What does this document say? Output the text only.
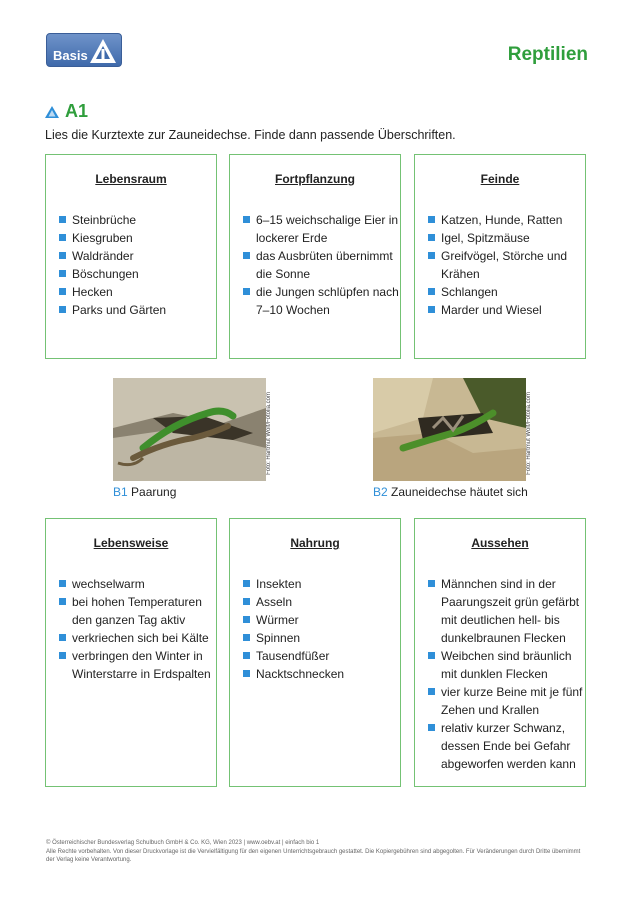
Basis	Reptilien
A1
Lies die Kurztexte zur Zauneidechse. Finde dann passende Überschriften.
Lebensraum
Steinbrüche
Kiesgruben
Waldränder
Böschungen
Hecken
Parks und Gärten
Fortpflanzung
6–15 weichschalige Eier in lockerer Erde
das Ausbrüten übernimmt die Sonne
die Jungen schlüpfen nach 7–10 Wochen
Feinde
Katzen, Hunde, Ratten
Igel, Spitzmäuse
Greifvögel, Störche und Krähen
Schlangen
Marder und Wiesel
Foto: Hartmut Wolf/Fotolia.com
B1 Paarung
Foto: Hartmut Wolf/Fotolia.com
B2 Zauneidechse häutet sich
Lebensweise
wechselwarm
bei hohen Temperaturen den ganzen Tag aktiv
verkriechen sich bei Kälte
verbringen den Winter in Winterstarre in Erdspalten
Nahrung
Insekten
Asseln
Würmer
Spinnen
Tausendfüßer
Nacktschnecken
Aussehen
Männchen sind in der Paarungszeit grün gefärbt mit deutlichen hell- bis dunkelbraunen Flecken
Weibchen sind bräunlich mit dunklen Flecken
vier kurze Beine mit je fünf Zehen und Krallen
relativ kurzer Schwanz, dessen Ende bei Gefahr abgeworfen werden kann
© Österreichischer Bundesverlag Schulbuch GmbH & Co. KG, Wien 2023 | www.oebv.at | einfach bio 1
Alle Rechte vorbehalten. Von dieser Druckvorlage ist die Vervielfältigung für den eigenen Unterrichtsgebrauch gestattet. Die Kopiergebühren sind abgegolten. Für Veränderungen durch Dritte übernimmt der Verlag keine Verantwortung.
